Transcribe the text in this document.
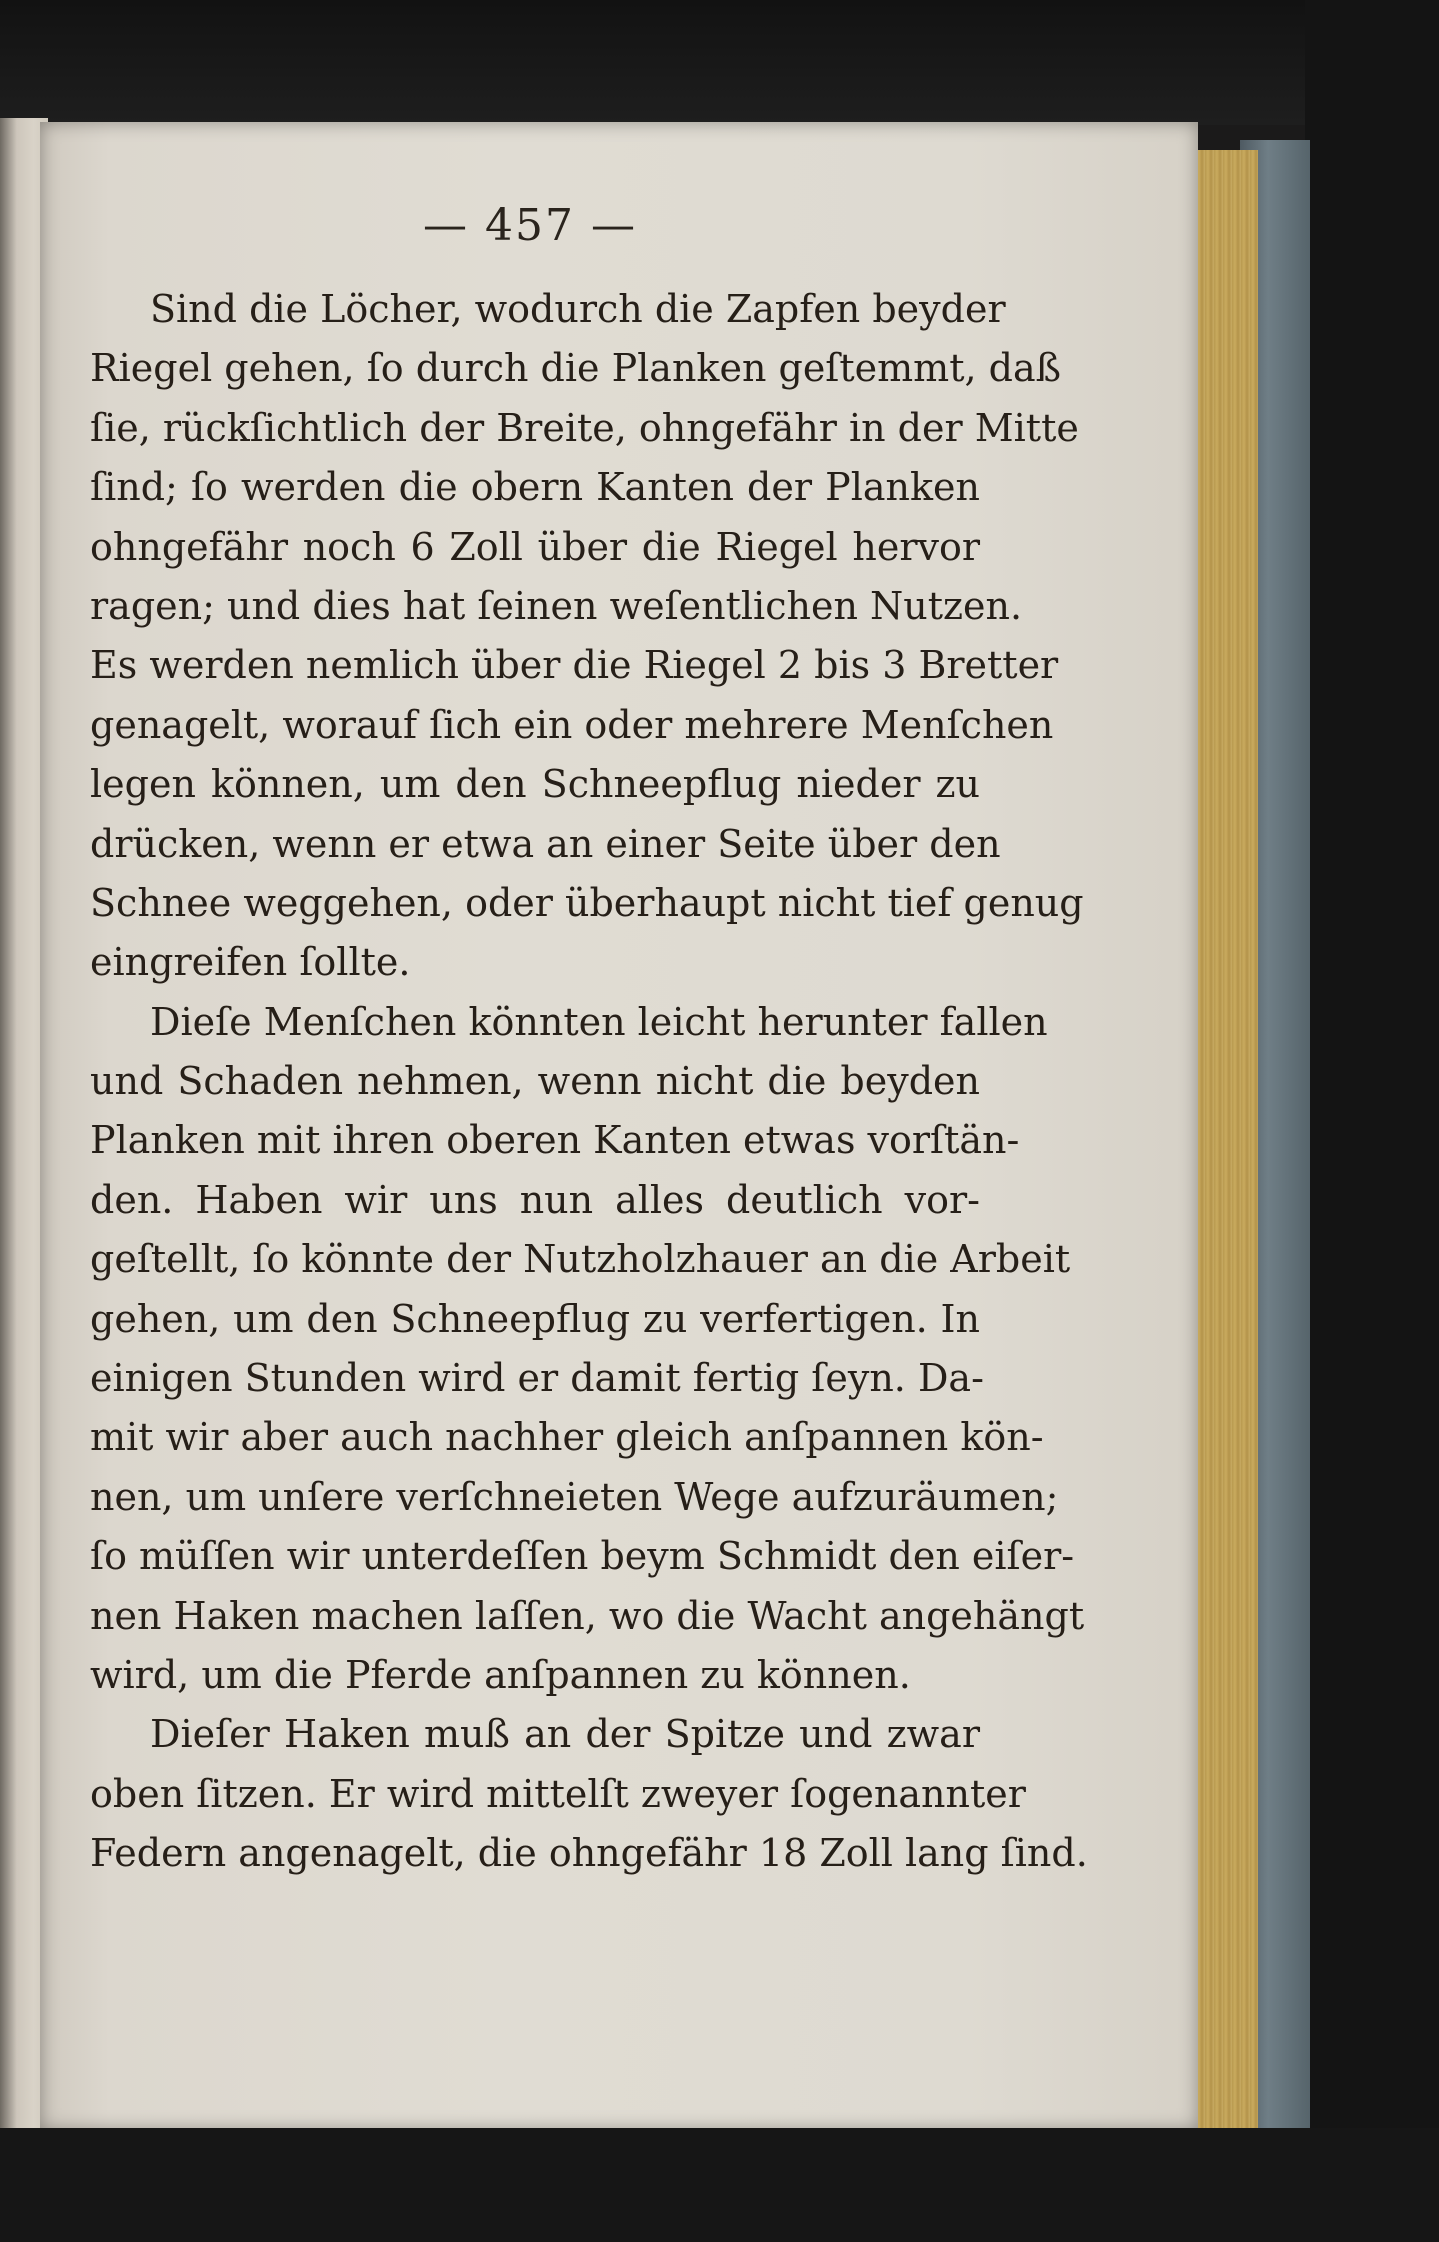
— 457 —
Sind die Löcher, wodurch die Zapfen beyder
Riegel gehen, ſo durch die Planken geſtemmt, daß
ſie, rückſichtlich der Breite, ohngefähr in der Mitte
ſind; ſo werden die obern Kanten der Planken
ohngefähr noch 6 Zoll über die Riegel hervor
ragen; und dies hat ſeinen weſentlichen Nutzen.
Es werden nemlich über die Riegel 2 bis 3 Bretter
genagelt, worauf ſich ein oder mehrere Menſchen
legen können, um den Schneepflug nieder zu
drücken, wenn er etwa an einer Seite über den
Schnee weggehen, oder überhaupt nicht tief genug
eingreifen ſollte.
Dieſe Menſchen könnten leicht herunter fallen
und Schaden nehmen, wenn nicht die beyden
Planken mit ihren oberen Kanten etwas vorſtän-
den. Haben wir uns nun alles deutlich vor-
geſtellt, ſo könnte der Nutzholzhauer an die Arbeit
gehen, um den Schneepflug zu verfertigen. In
einigen Stunden wird er damit fertig ſeyn. Da-
mit wir aber auch nachher gleich anſpannen kön-
nen, um unſere verſchneieten Wege aufzuräumen;
ſo müſſen wir unterdeſſen beym Schmidt den eiſer-
nen Haken machen laſſen, wo die Wacht angehängt
wird, um die Pferde anſpannen zu können.
Dieſer Haken muß an der Spitze und zwar
oben ſitzen. Er wird mittelſt zweyer ſogenannter
Federn angenagelt, die ohngefähr 18 Zoll lang ſind.
